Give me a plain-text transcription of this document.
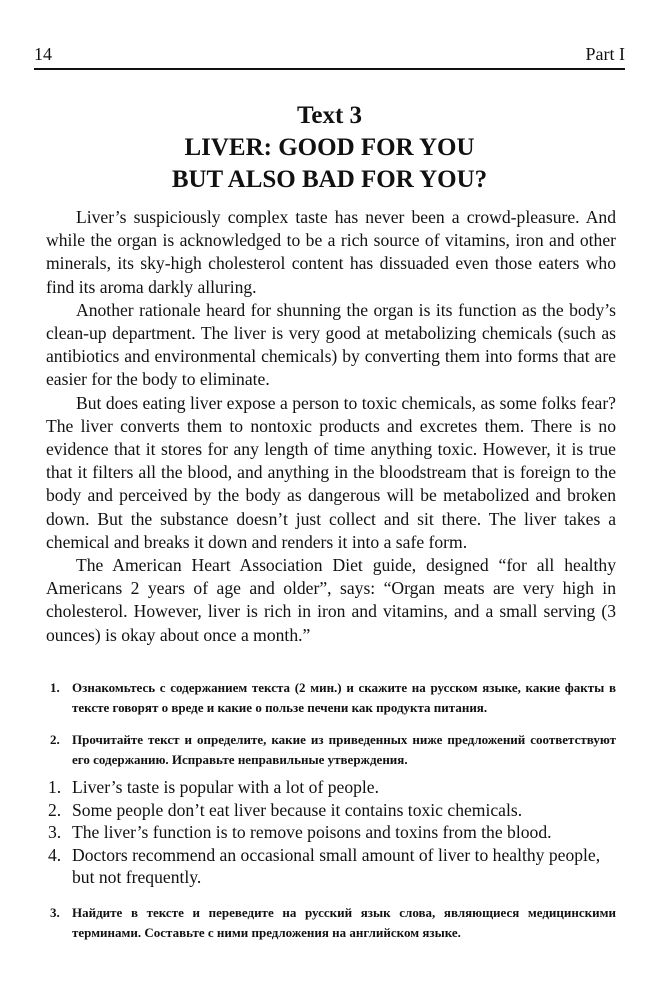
14	Part I
Text 3
LIVER: GOOD FOR YOU
BUT ALSO BAD FOR YOU?

Liver’s suspiciously complex taste has never been a crowd-pleasure. And while the organ is acknowledged to be a rich source of vitamins, iron and other minerals, its sky-high cholesterol content has dissuaded even those eaters who find its aroma darkly alluring.

Another rationale heard for shunning the organ is its function as the body’s clean-up department. The liver is very good at metabolizing chemicals (such as antibiotics and environmental chemicals) by converting them into forms that are easier for the body to eliminate.

But does eating liver expose a person to toxic chemicals, as some folks fear? The liver converts them to nontoxic products and excretes them. There is no evidence that it stores for any length of time anything toxic. However, it is true that it filters all the blood, and anything in the bloodstream that is foreign to the body and perceived by the body as dangerous will be metabolized and broken down. But the substance doesn’t just collect and sit there. The liver takes a chemical and breaks it down and renders it into a safe form.

The American Heart Association Diet guide, designed “for all healthy Americans 2 years of age and older”, says: “Organ meats are very high in cholesterol. However, liver is rich in iron and vitamins, and a small serving (3 ounces) is okay about once a month.”

1. Ознакомьтесь с содержанием текста (2 мин.) и скажите на русском языке, какие факты в тексте говорят о вреде и какие о пользе печени как продукта питания.
2. Прочитайте текст и определите, какие из приведенных ниже предложений соответствуют его содержанию. Исправьте неправильные утверждения.
1. Liver’s taste is popular with a lot of people.
2. Some people don’t eat liver because it contains toxic chemicals.
3. The liver’s function is to remove poisons and toxins from the blood.
4. Doctors recommend an occasional small amount of liver to healthy people, but not frequently.
3. Найдите в тексте и переведите на русский язык слова, являющиеся медицинскими терминами. Составьте с ними предложения на английском языке.
